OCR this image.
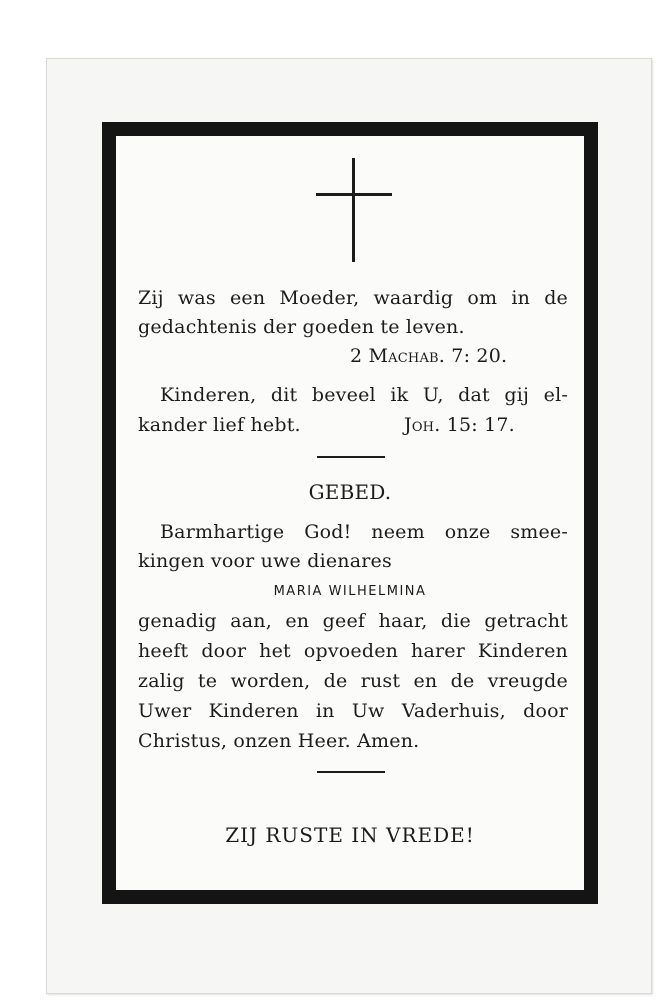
Zij was een Moeder, waardig om in de
gedachtenis der goeden te leven.
2 Machab. 7: 20.
Kinderen, dit beveel ik U, dat gij el-
kander lief hebt.	Joh. 15: 17.
GEBED.
Barmhartige God! neem onze smee-
kingen voor uwe dienares
MARIA WILHELMINA
genadig aan, en geef haar, die getracht
heeft door het opvoeden harer Kinderen
zalig te worden, de rust en de vreugde
Uwer Kinderen in Uw Vaderhuis, door
Christus, onzen Heer. Amen.
ZIJ RUSTE IN VREDE!
